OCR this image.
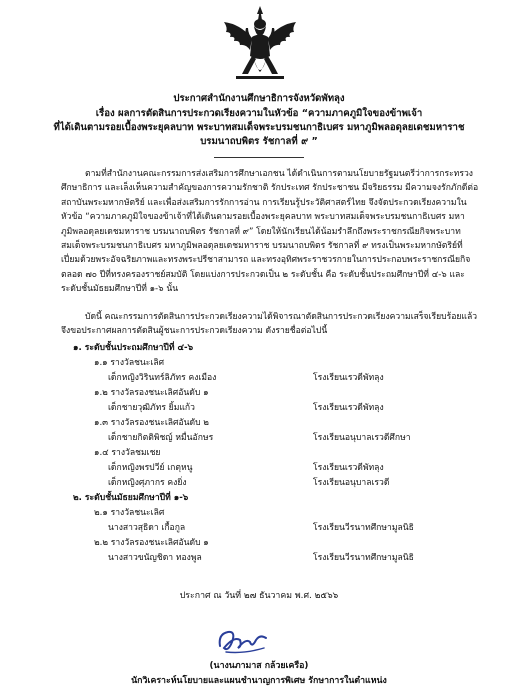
ประกาศสำนักงานศึกษาธิการจังหวัดพัทลุง
เรื่อง ผลการตัดสินการประกวดเรียงความในหัวข้อ “ความภาคภูมิใจของข้าพเจ้า
ที่ได้เดินตามรอยเบื้องพระยุคลบาท พระบาทสมเด็จพระบรมชนกาธิเบศร มหาภูมิพลอดุลยเดชมหาราช
บรมนาถบพิตร รัชกาลที่ ๙ ”

ตามที่สำนักงานคณะกรรมการส่งเสริมการศึกษาเอกชน ได้ดำเนินการตามนโยบายรัฐมนตรีว่าการกระทรวงศึกษาธิการ และเล็งเห็นความสำคัญของการความรักชาติ รักประเทศ รักประชาชน มีจริยธรรม มีความจงรักภักดีต่อสถาบันพระมหากษัตริย์ และเพื่อส่งเสริมการรักการอ่าน การเรียนรู้ประวัติศาสตร์ไทย จึงจัดประกวดเรียงความในหัวข้อ “ความภาคภูมิใจของข้าเจ้าที่ได้เดินตามรอยเบื้องพระยุคลบาท พระบาทสมเด็จพระบรมชนกาธิเบศร มหาภูมิพลอดุลยเดชมหาราช บรมนาถบพิตร รัชกาลที่ ๙” โดยให้นักเรียนได้น้อมรำลึกถึงพระราชกรณียกิจพระบาทสมเด็จพระบรมชนกาธิเบศร มหาภูมิพลอดุลยเดชมหาราช บรมนาถบพิตร รัชกาลที่ ๙ ทรงเป็นพระมหากษัตริย์ที่เปี่ยมด้วยพระอัจฉริยภาพและทรงพระปรีชาสามารถ และทรงอุทิศพระราชวรกายในการประกอบพระราชกรณียกิจตลอด ๗๐ ปีที่ทรงครองราชย์สมบัติ โดยแบ่งการประกวดเป็น ๒ ระดับชั้น คือ ระดับชั้นประถมศึกษาปีที่ ๔-๖ และระดับชั้นมัธยมศึกษาปีที่ ๑-๖ นั้น

บัดนี้ คณะกรรมการตัดสินการประกวดเรียงความได้พิจารณาตัดสินการประกวดเรียงความเสร็จเรียบร้อยแล้ว จึงขอประกาศผลการตัดสินผู้ชนะการประกวดเรียงความ ดังรายชื่อต่อไปนี้

๑. ระดับชั้นประถมศึกษาปีที่ ๔-๖
๑.๑ รางวัลชนะเลิศ
เด็กหญิงวิรินทร์ลิภัทร คงเมือง	โรงเรียนเรวดีพัทลุง
๑.๒ รางวัลรองชนะเลิศอันดับ ๑
เด็กชายวุฒิภัทร ยิ้มแก้ว	โรงเรียนเรวดีพัทลุง
๑.๓ รางวัลรองชนะเลิศอันดับ ๒
เด็กชายกิตติพิชญ์ หมื่นอักษร	โรงเรียนอนุบาลเรวดีศึกษา
๑.๔ รางวัลชมเชย
เด็กหญิงพรปวีย์ เกตุหนู	โรงเรียนเรวดีพัทลุง
เด็กหญิงศุภากร คงยิ่ง	โรงเรียนอนุบาลเรวดี
๒. ระดับชั้นมัธยมศึกษาปีที่ ๑-๖
๒.๑ รางวัลชนะเลิศ
นางสาวสุธิดา เกื้อกูล	โรงเรียนวีรนาทศึกษามูลนิธิ
๒.๒ รางวัลรองชนะเลิศอันดับ ๑
นางสาวขนัญชิดา ทองพูล	โรงเรียนวีรนาทศึกษามูลนิธิ
ประกาศ ณ วันที่ ๒๗ ธันวาคม พ.ศ. ๒๕๖๖
(นางนภามาส กล้วยเครือ)
นักวิเคราะห์นโยบายและแผนชำนาญการพิเศษ รักษาการในตำแหน่ง
